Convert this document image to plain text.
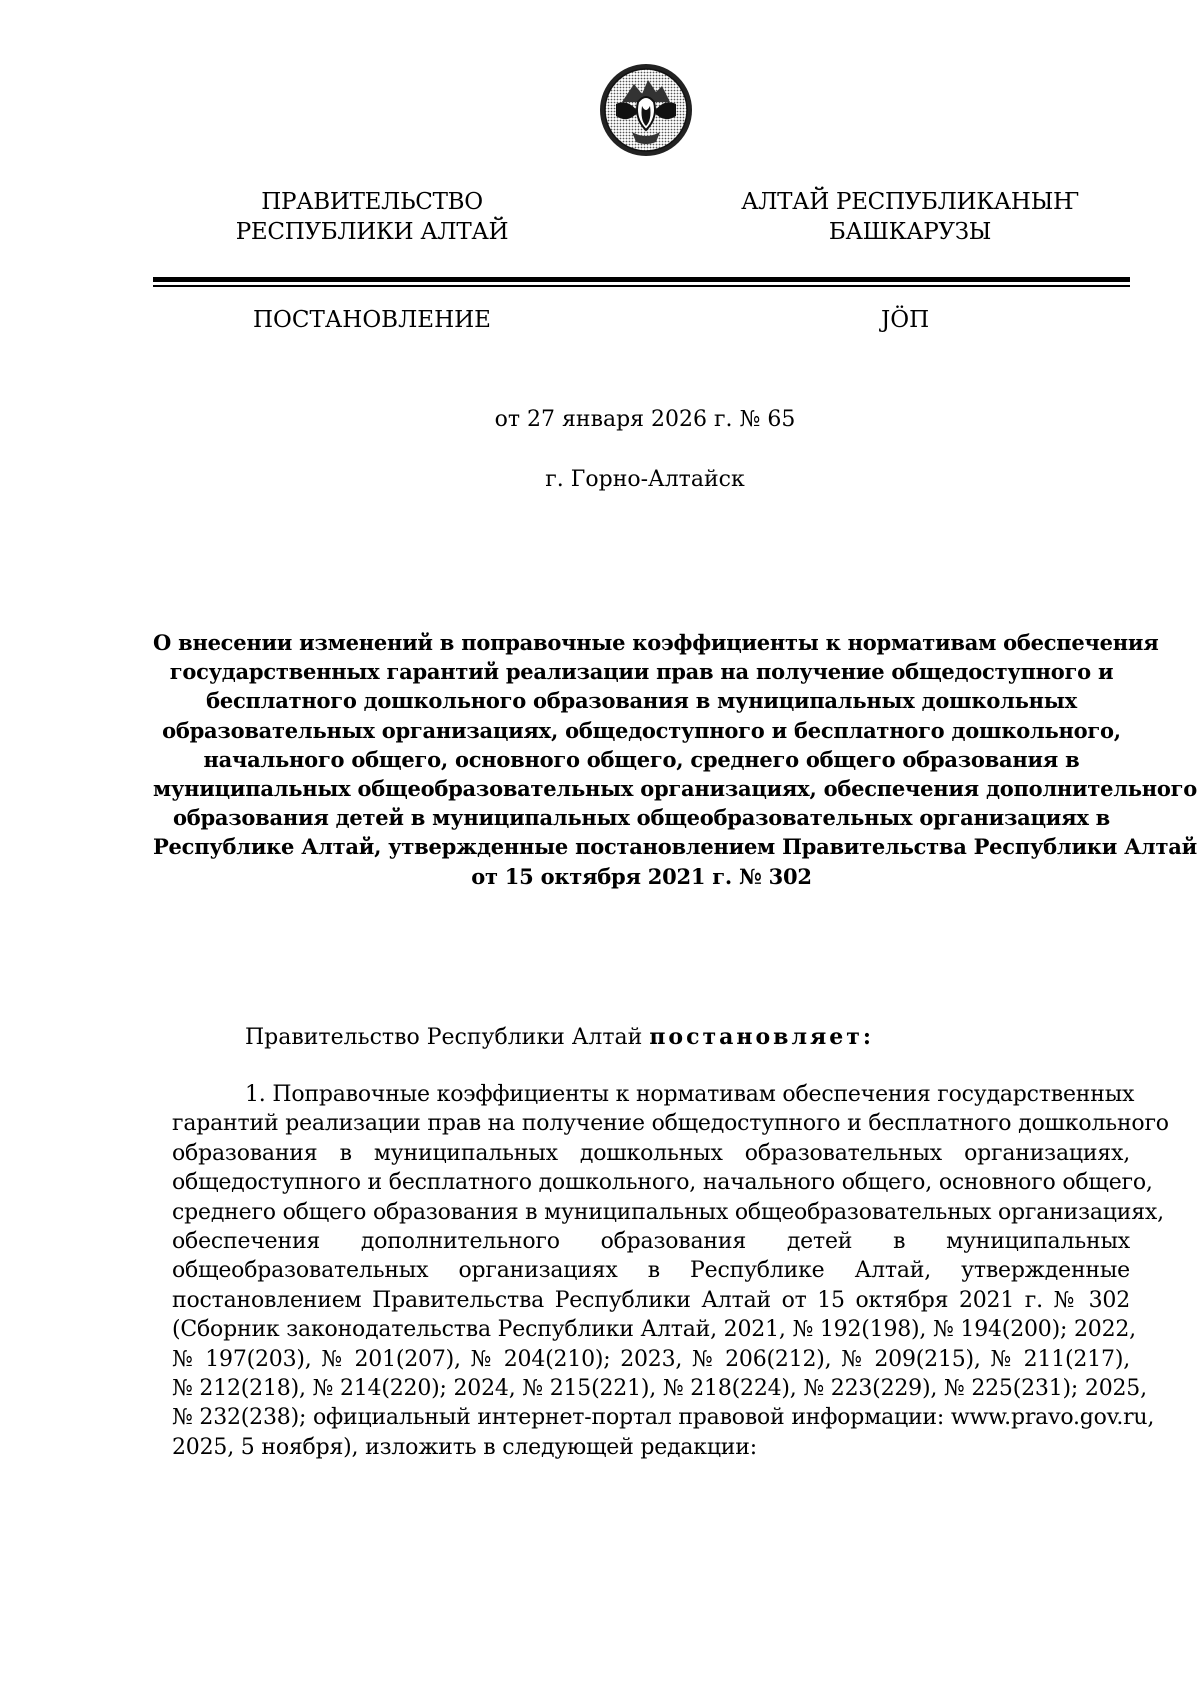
ПРАВИТЕЛЬСТВО
РЕСПУБЛИКИ АЛТАЙ
АЛТАЙ РЕСПУБЛИКАНЫҤ
БАШКАРУЗЫ
ПОСТАНОВЛЕНИЕ	ЈӦП
от 27 января 2026 г. № 65
г. Горно-Алтайск
О внесении изменений в поправочные коэффициенты к нормативам обеспечения
государственных гарантий реализации прав на получение общедоступного и
бесплатного дошкольного образования в муниципальных дошкольных
образовательных организациях, общедоступного и бесплатного дошкольного,
начального общего, основного общего, среднего общего образования в
муниципальных общеобразовательных организациях, обеспечения дополнительного
образования детей в муниципальных общеобразовательных организациях в
Республике Алтай, утвержденные постановлением Правительства Республики Алтай
от 15 октября 2021 г. № 302
Правительство Республики Алтай постановляет:
1. Поправочные коэффициенты к нормативам обеспечения государственных
гарантий реализации прав на получение общедоступного и бесплатного дошкольного
образования в муниципальных дошкольных образовательных организациях,
общедоступного и бесплатного дошкольного, начального общего, основного общего,
среднего общего образования в муниципальных общеобразовательных организациях,
обеспечения дополнительного образования детей в муниципальных
общеобразовательных организациях в Республике Алтай, утвержденные
постановлением Правительства Республики Алтай от 15 октября 2021 г. № 302
(Сборник законодательства Республики Алтай, 2021, № 192(198), № 194(200); 2022,
№ 197(203), № 201(207), № 204(210); 2023, № 206(212), № 209(215), № 211(217),
№ 212(218), № 214(220); 2024, № 215(221), № 218(224), № 223(229), № 225(231); 2025,
№ 232(238); официальный интернет-портал правовой информации: www.pravo.gov.ru,
2025, 5 ноября), изложить в следующей редакции:
